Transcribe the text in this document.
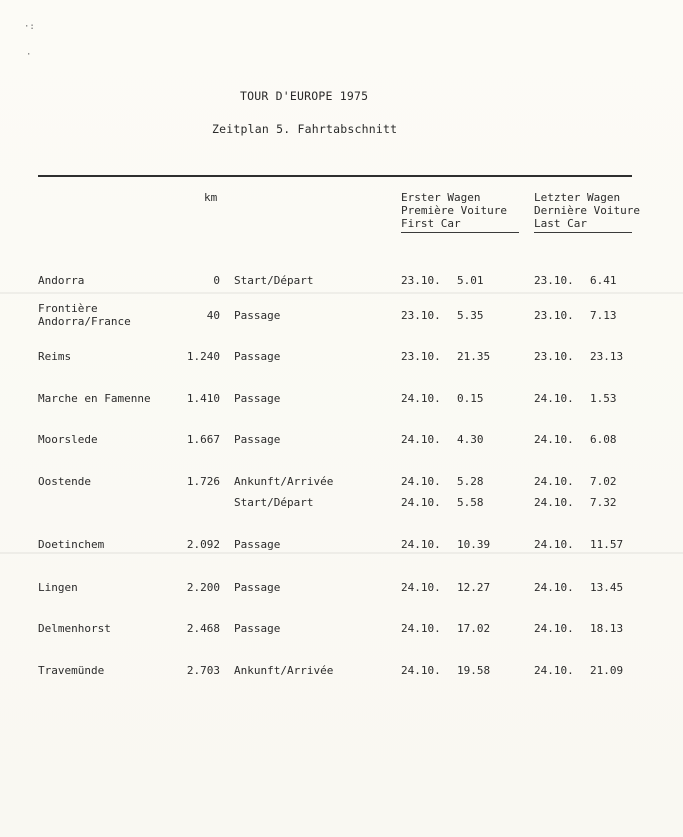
·:
·
TOUR D'EUROPE 1975
Zeitplan 5. Fahrtabschnitt
km	Erster Wagen
Première Voiture
First Car
Letzter Wagen
Dernière Voiture
Last Car
Andorra	0 Start/Départ	23.10. 5.01	23.10. 6.41
Frontière
Andorra/France	40 Passage	23.10. 5.35	23.10. 7.13
Reims	1.240 Passage	23.10. 21.35	23.10. 23.13
Marche en Famenne	1.410 Passage	24.10. 0.15	24.10. 1.53
Moorslede	1.667 Passage	24.10. 4.30	24.10. 6.08
Oostende	1.726 Ankunft/Arrivée	24.10. 5.28	24.10. 7.02
Start/Départ	24.10. 5.58	24.10. 7.32
Doetinchem	2.092 Passage	24.10. 10.39	24.10. 11.57
Lingen	2.200 Passage	24.10. 12.27	24.10. 13.45
Delmenhorst	2.468 Passage	24.10. 17.02	24.10. 18.13
Travemünde	2.703 Ankunft/Arrivée	24.10. 19.58	24.10. 21.09
